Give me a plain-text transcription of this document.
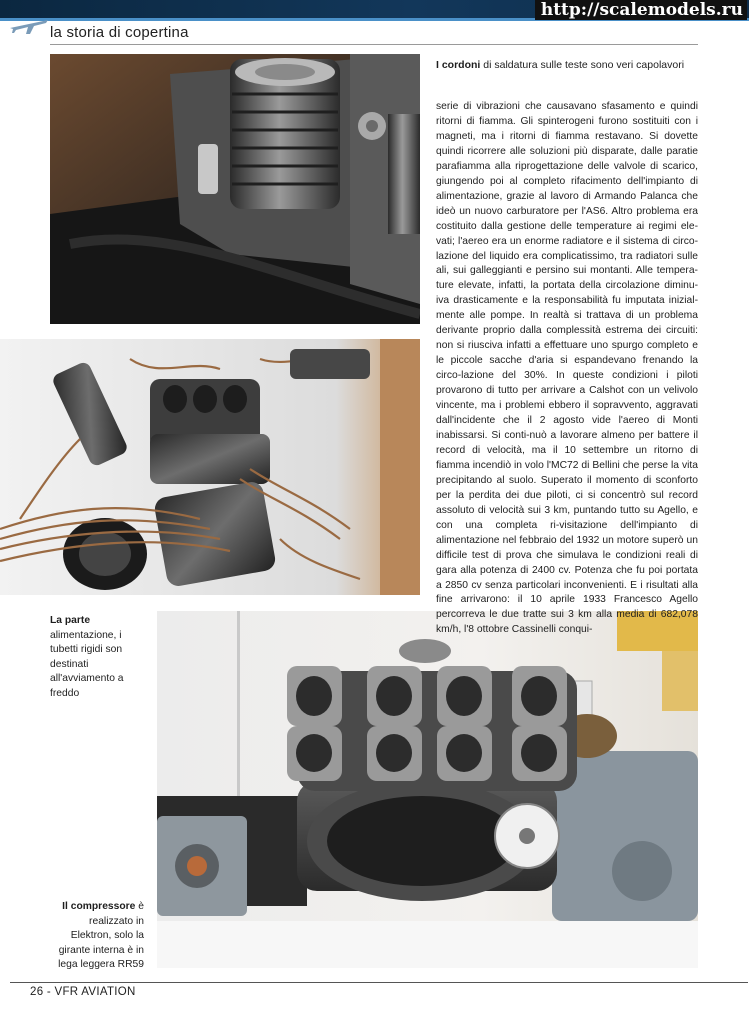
http://scalemodels.ru
la storia di copertina
I cordoni di saldatura sulle teste sono veri capolavori

serie di vibrazioni che causavano sfasamento e quindi ritorni di fiamma. Gli spinterogeni furono sostituiti con i magneti, ma i ritorni di fiamma restavano. Si dovette quindi ricorrere alle soluzioni più disparate, dalle paratie parafiamma alla riprogettazione delle valvole di scarico, giungendo poi al completo rifacimento dell'impianto di alimentazione, grazie al lavoro di Armando Palanca che ideò un nuovo carburatore per l'AS6. Altro problema era costituito dalla gestione delle temperature ai regimi ele-vati; l'aereo era un enorme radiatore e il sistema di circo-lazione del liquido era complicatissimo, tra radiatori sulle ali, sui galleggianti e persino sui montanti. Alle tempera-ture elevate, infatti, la portata della circolazione diminu-iva drasticamente e la responsabilità fu imputata inizial-mente alle pompe. In realtà si trattava di un problema derivante proprio dalla complessità estrema dei circuiti: non si riusciva infatti a effettuare uno spurgo completo e le piccole sacche d'aria si espandevano frenando la circo-lazione del 30%. In queste condizioni i piloti provarono di tutto per arrivare a Calshot con un velivolo vincente, ma i problemi ebbero il sopravvento, aggravati dall'incidente che il 2 agosto vide l'aereo di Monti inabissarsi. Si conti-nuò a lavorare almeno per battere il record di velocità, ma il 10 settembre un ritorno di fiamma incendiò in volo l'MC72 di Bellini che perse la vita precipitando al suolo. Superato il momento di sconforto per la perdita dei due piloti, ci si concentrò sul record assoluto di velocità sui 3 km, puntando tutto su Agello, e con una completa ri-visitazione dell'impianto di alimentazione nel febbraio del 1932 un motore superò un difficile test di prova che simulava le condizioni reali di gara alla potenza di 2400 cv. Potenza che fu poi portata a 2850 cv senza particolari inconvenienti. E i risultati alla fine arrivarono: il 10 aprile 1933 Francesco Agello percorreva le due tratte sui 3 km alla media di 682,078 km/h, l'8 ottobre Cassinelli conqui-

La parte
alimentazione, i
tubetti rigidi son
destinati
all'avviamento a
freddo
Il compressore è
realizzato in
Elektron, solo la
girante interna è in
lega leggera RR59
26 - VFR AVIATION
